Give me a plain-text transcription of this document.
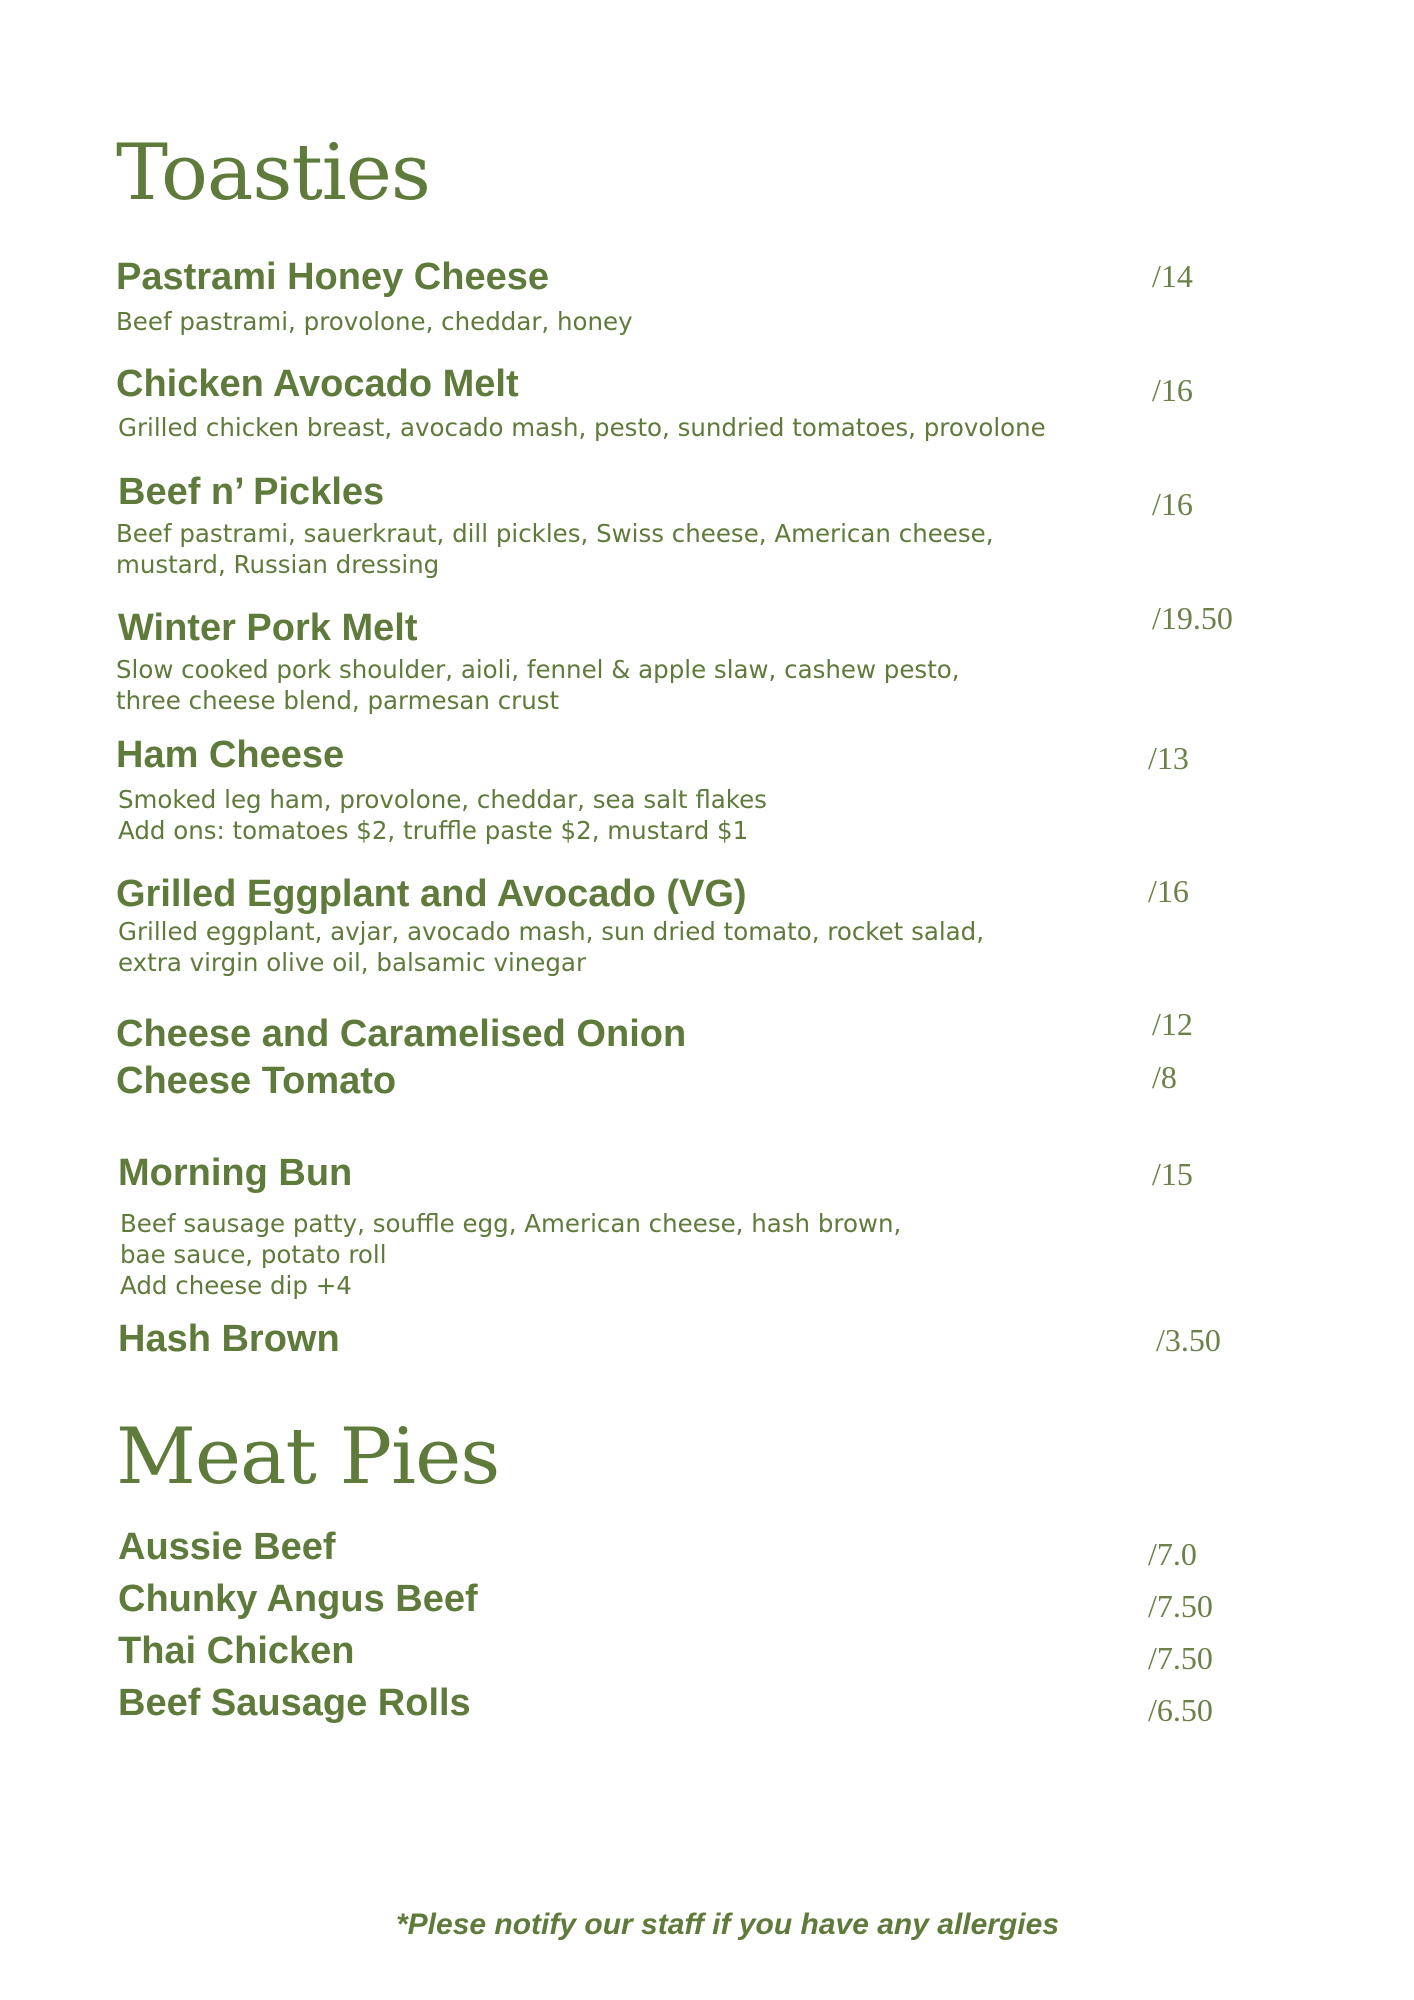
Toasties
Pastrami Honey Cheese	/14
Beef pastrami, provolone, cheddar, honey
Chicken Avocado Melt	/16
Grilled chicken breast, avocado mash, pesto, sundried tomatoes, provolone
Beef n’ Pickles	/16
Beef pastrami, sauerkraut, dill pickles, Swiss cheese, American cheese,
mustard, Russian dressing
Winter Pork Melt	/19.50
Slow cooked pork shoulder, aioli, fennel & apple slaw, cashew pesto,
three cheese blend, parmesan crust
Ham Cheese	/13
Smoked leg ham, provolone, cheddar, sea salt flakes
Add ons: tomatoes $2, truffle paste $2, mustard $1
Grilled Eggplant and Avocado (VG)	/16
Grilled eggplant, avjar, avocado mash, sun dried tomato, rocket salad,
extra virgin olive oil, balsamic vinegar
Cheese and Caramelised Onion	/12
Cheese Tomato	/8
Morning Bun	/15
Beef sausage patty, souffle egg, American cheese, hash brown,
bae sauce, potato roll
Add cheese dip +4
Hash Brown	/3.50
Meat Pies
Aussie Beef	/7.0
Chunky Angus Beef	/7.50
Thai Chicken	/7.50
Beef Sausage Rolls	/6.50
*Plese notify our staff if you have any allergies
